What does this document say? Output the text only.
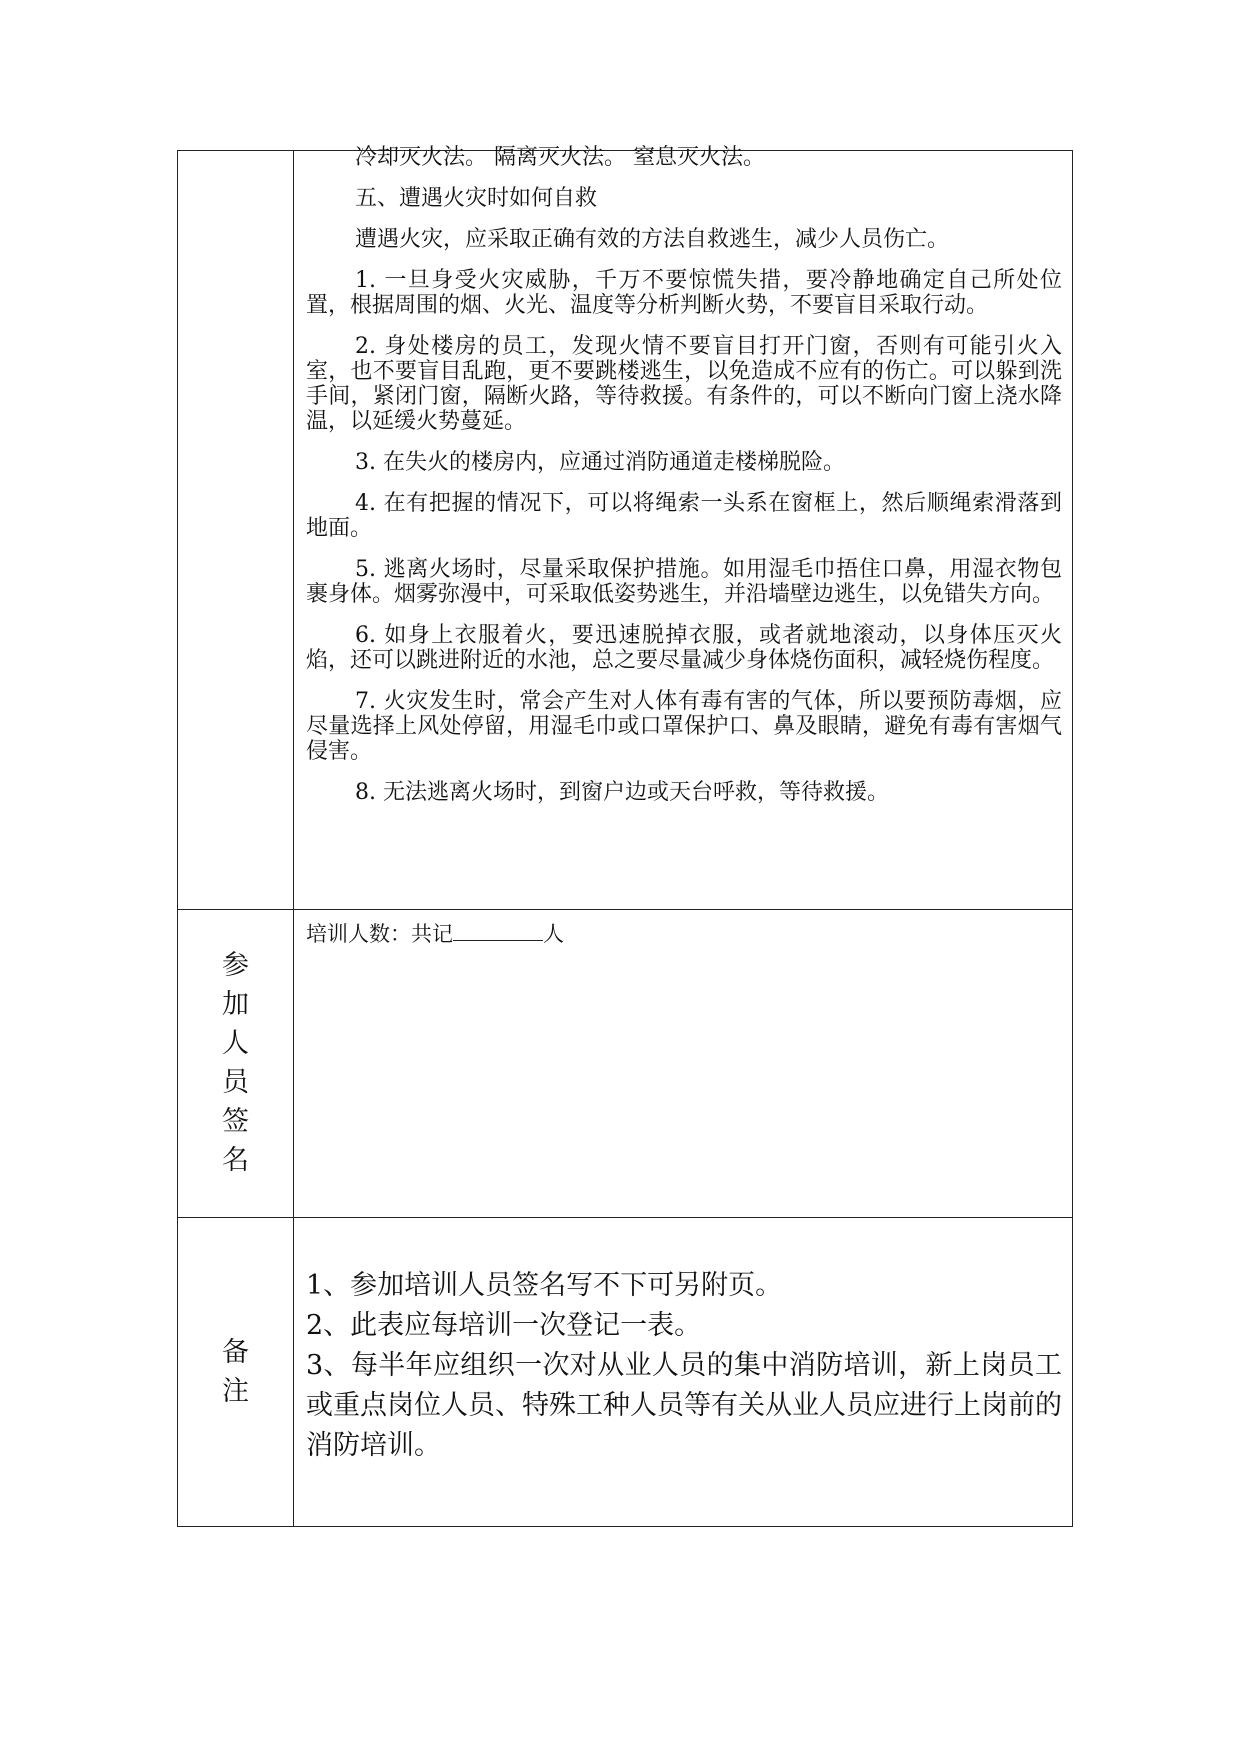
冷却灭火法。 隔离灭火法。 窒息灭火法。

五、遭遇火灾时如何自救

遭遇火灾，应采取正确有效的方法自救逃生，减少人员伤亡。

1. 一旦身受火灾威胁，千万不要惊慌失措，要冷静地确定自己所处位置，根据周围的烟、火光、温度等分析判断火势，不要盲目采取行动。

2. 身处楼房的员工，发现火情不要盲目打开门窗，否则有可能引火入室，也不要盲目乱跑，更不要跳楼逃生，以免造成不应有的伤亡。可以躲到洗手间，紧闭门窗，隔断火路，等待救援。有条件的，可以不断向门窗上浇水降温，以延缓火势蔓延。

3. 在失火的楼房内，应通过消防通道走楼梯脱险。

4. 在有把握的情况下，可以将绳索一头系在窗框上，然后顺绳索滑落到地面。

5. 逃离火场时，尽量采取保护措施。如用湿毛巾捂住口鼻，用湿衣物包裹身体。烟雾弥漫中，可采取低姿势逃生，并沿墙壁边逃生，以免错失方向。

6. 如身上衣服着火，要迅速脱掉衣服，或者就地滚动，以身体压灭火焰，还可以跳进附近的水池，总之要尽量减少身体烧伤面积，减轻烧伤程度。

7. 火灾发生时，常会产生对人体有毒有害的气体，所以要预防毒烟，应尽量选择上风处停留，用湿毛巾或口罩保护口、鼻及眼睛，避免有毒有害烟气侵害。

8. 无法逃离火场时，到窗户边或天台呼救，等待救援。

参
加
人
员
签
名
培训人数：共记	人
备
注
1、参加培训人员签名写不下可另附页。
2、此表应每培训一次登记一表。
3、每半年应组织一次对从业人员的集中消防培训，新上岗员工或重点岗位人员、特殊工种人员等有关从业人员应进行上岗前的消防培训。
